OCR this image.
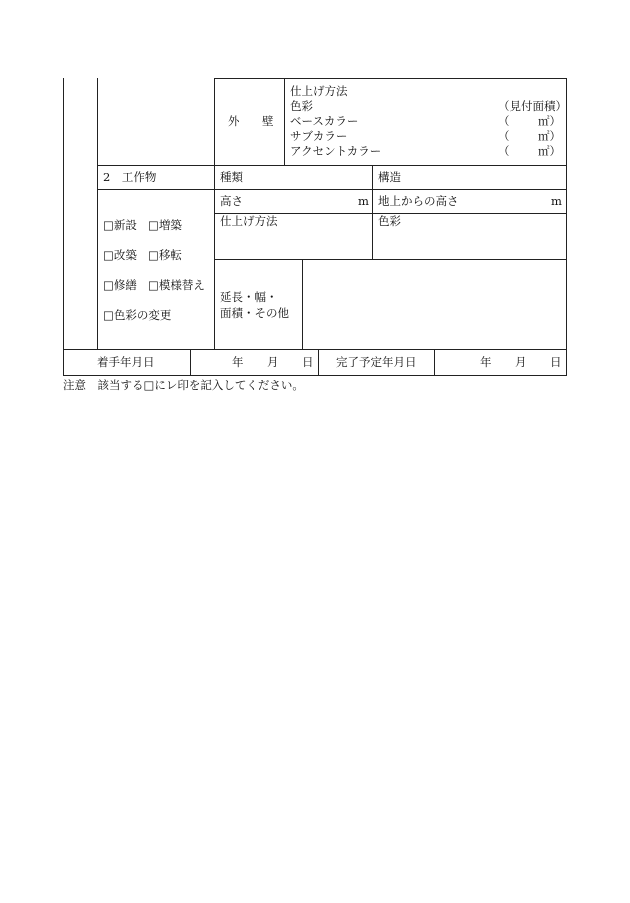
外 壁
仕上げ方法
色彩	（見付面積）
ベースカラー	（ ㎡）
サブカラー	（ ㎡）
アクセントカラー	（ ㎡）
2　工作物	種類	構造
高さ	m 地上からの高さ	m
仕上げ方法	色彩
延長・幅・
面積・その他
□新設 □増築
□改築 □移転
□修繕 □模様替え
□色彩の変更
着手年月日	年 月 日 完了予定年月日	年 月 日
注意　該当する□にレ印を記入してください。
